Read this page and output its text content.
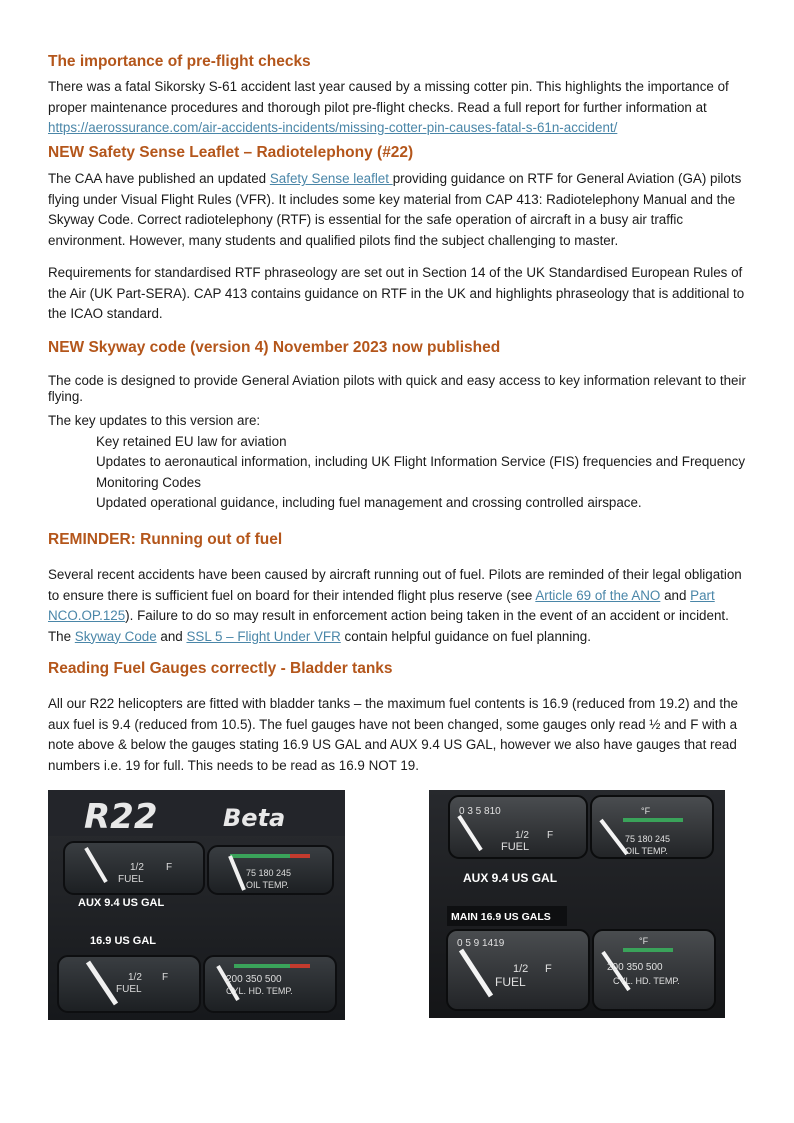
The importance of pre-flight checks

There was a fatal Sikorsky S-61 accident last year caused by a missing cotter pin. This highlights the importance of proper maintenance procedures and thorough pilot pre-flight checks. Read a full report for further information at https://aerossurance.com/air-accidents-incidents/missing-cotter-pin-causes-fatal-s-61n-accident/

NEW Safety Sense Leaflet – Radiotelephony (#22)

The CAA have published an updated Safety Sense leaflet providing guidance on RTF for General Aviation (GA) pilots flying under Visual Flight Rules (VFR). It includes some key material from CAP 413: Radiotelephony Manual and the Skyway Code. Correct radiotelephony (RTF) is essential for the safe operation of aircraft in a busy air traffic environment. However, many students and qualified pilots find the subject challenging to master.

Requirements for standardised RTF phraseology are set out in Section 14 of the UK Standardised European Rules of the Air (UK Part-SERA). CAP 413 contains guidance on RTF in the UK and highlights phraseology that is additional to the ICAO standard.

NEW Skyway code (version 4) November 2023 now published

The code is designed to provide General Aviation pilots with quick and easy access to key information relevant to their flying.

The key updates to this version are:

Key retained EU law for aviation

Updates to aeronautical information, including UK Flight Information Service (FIS) frequencies and Frequency Monitoring Codes

Updated operational guidance, including fuel management and crossing controlled airspace.

REMINDER: Running out of fuel

Several recent accidents have been caused by aircraft running out of fuel. Pilots are reminded of their legal obligation to ensure there is sufficient fuel on board for their intended flight plus reserve (see Article 69 of the ANO and Part NCO.OP.125). Failure to do so may result in enforcement action being taken in the event of an accident or incident. The Skyway Code and SSL 5 – Flight Under VFR contain helpful guidance on fuel planning.

Reading Fuel Gauges correctly - Bladder tanks

All our R22 helicopters are fitted with bladder tanks – the maximum fuel contents is 16.9 (reduced from 19.2) and the aux fuel is 9.4 (reduced from 10.5). The fuel gauges have not been changed, some gauges only read ½ and F with a note above & below the gauges stating 16.9 US GAL and AUX 9.4 US GAL, however we also have gauges that read numbers i.e. 19 for full. This needs to be read as 16.9 NOT 19.

R22	Beta
1/2 F
FUEL
75 180 245
OIL TEMP.
AUX 9.4 US GAL
16.9 US GAL
1/2 F
FUEL
200 350 500
CYL. HD. TEMP.
0 3 5 810
1/2 F
FUEL
°F
75 180 245
OIL TEMP.
AUX 9.4 US GAL
MAIN 16.9 US GALS
0 5 9 1419
1/2 F
FUEL
°F
200 350 500
CYL. HD. TEMP.
